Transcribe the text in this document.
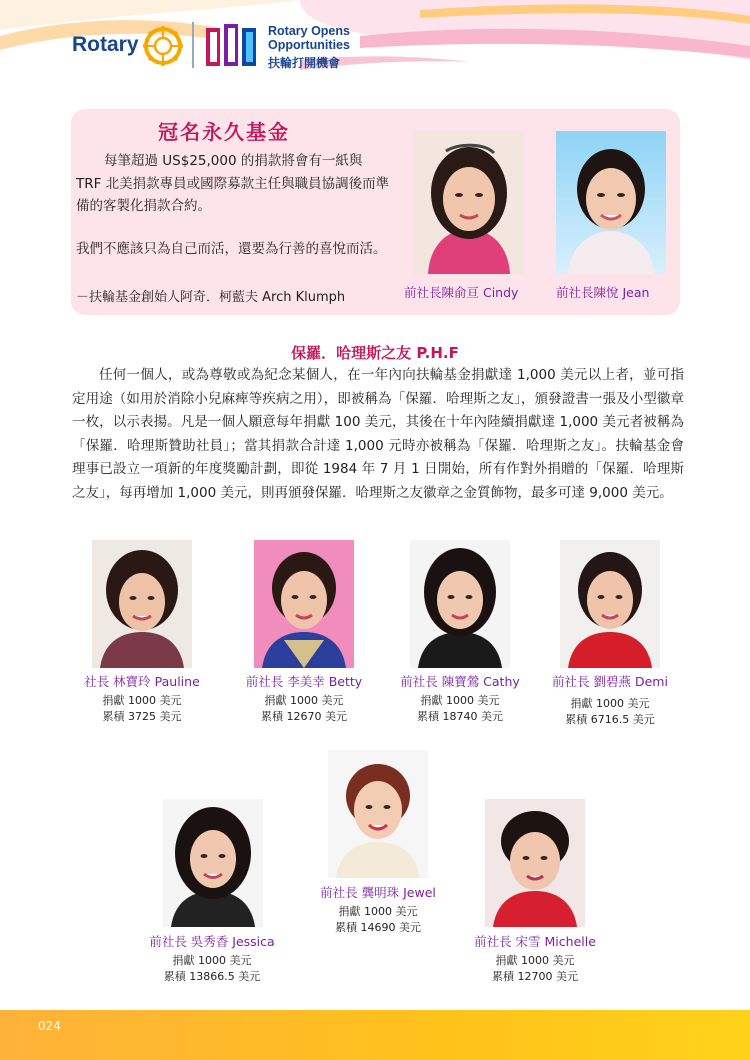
Rotary
Rotary Opens
Opportunities
扶輪打開機會
冠名永久基金
每筆超過 US$25,000 的捐款將會有一紙與 TRF 北美捐款專員或國際募款主任與職員協調後而準備的客製化捐款合約。
我們不應該只為自己而活，還要為行善的喜悅而活。
－扶輪基金創始人阿奇．柯藍夫 Arch Klumph	前社長陳俞亘 Cindy	前社長陳悅 Jean
保羅．哈理斯之友 P.H.F
任何一個人，或為尊敬或為紀念某個人，在一年內向扶輪基金捐獻達 1,000 美元以上者，並可指定用途（如用於消除小兒麻痺等疾病之用），即被稱為「保羅．哈理斯之友」，頒發證書一張及小型徽章一枚，以示表揚。凡是一個人願意每年捐獻 100 美元，其後在十年內陸續捐獻達 1,000 美元者被稱為「保羅．哈理斯贊助社員」；當其捐款合計達 1,000 元時亦被稱為「保羅．哈理斯之友」。扶輪基金會理事已設立一項新的年度獎勵計劃，即從 1984 年 7 月 1 日開始，所有作對外捐贈的「保羅．哈理斯之友」，每再增加 1,000 美元，則再頒發保羅．哈理斯之友徽章之金質飾物，最多可達 9,000 美元。
社長 林寶玲 Pauline
捐獻 1000 美元
累積 3725 美元
前社長 李美幸 Betty
捐獻 1000 美元
累積 12670 美元
前社長 陳寶鶯 Cathy
捐獻 1000 美元
累積 18740 美元
前社長 劉碧燕 Demi
捐獻 1000 美元
累積 6716.5 美元
前社長 龔明珠 Jewel
捐獻 1000 美元
累積 14690 美元
前社長 吳秀香 Jessica
捐獻 1000 美元
累積 13866.5 美元
前社長 宋雪 Michelle
捐獻 1000 美元
累積 12700 美元
024
